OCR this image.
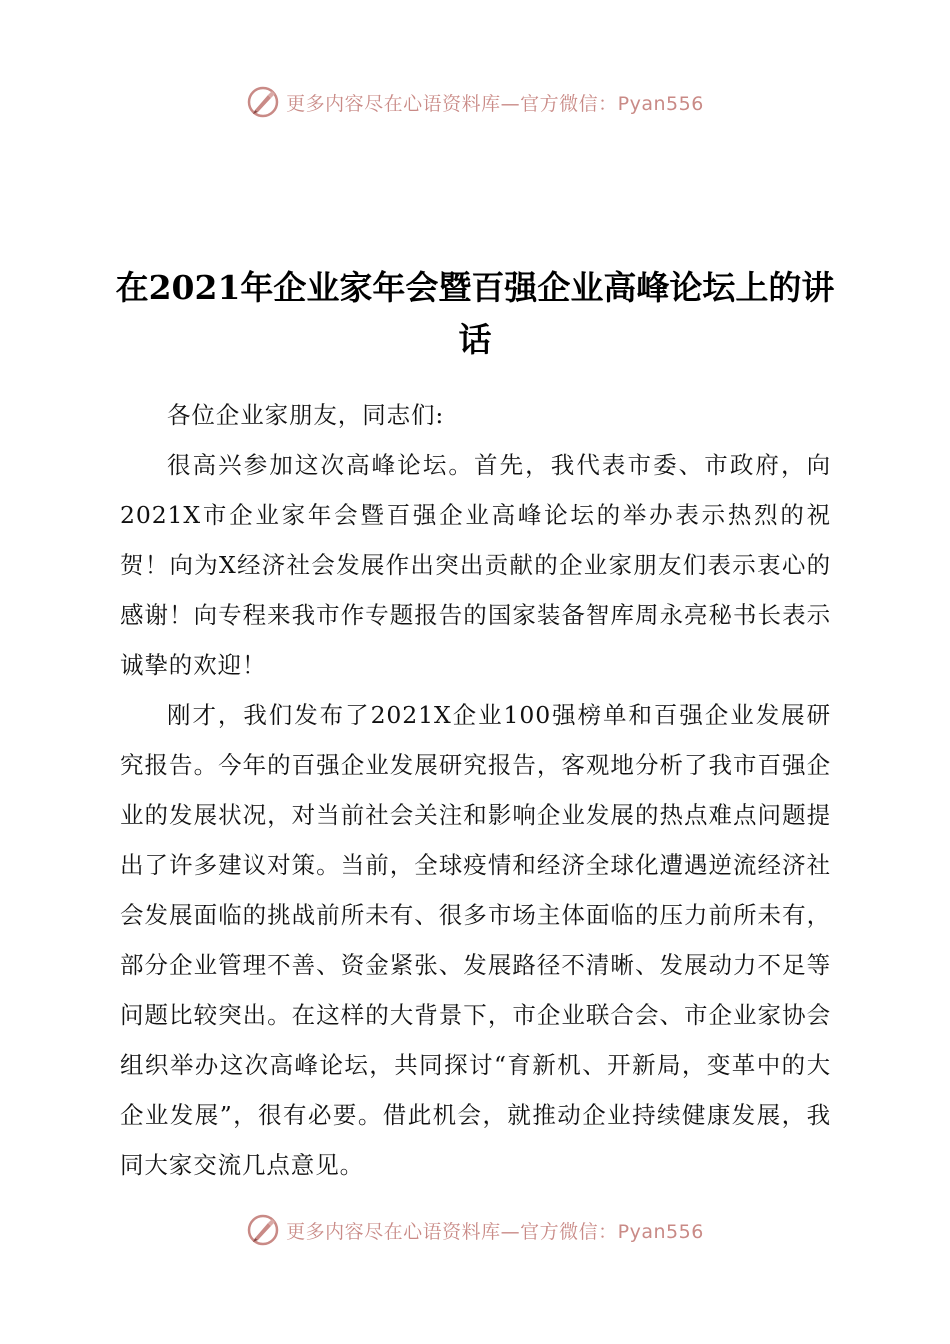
更多内容尽在心语资料库—官方微信：Pyan556
在2021年企业家年会暨百强企业高峰论坛上的讲话

各位企业家朋友，同志们:

很高兴参加这次高峰论坛。首先，我代表市委、市政府，向2021X市企业家年会暨百强企业高峰论坛的举办表示热烈的祝贺！向为X经济社会发展作出突出贡献的企业家朋友们表示衷心的感谢！向专程来我市作专题报告的国家装备智库周永亮秘书长表示诚挚的欢迎！

刚才，我们发布了2021X企业100强榜单和百强企业发展研究报告。今年的百强企业发展研究报告，客观地分析了我市百强企业的发展状况，对当前社会关注和影响企业发展的热点难点问题提出了许多建议对策。当前，全球疫情和经济全球化遭遇逆流经济社会发展面临的挑战前所未有、很多市场主体面临的压力前所未有，部分企业管理不善、资金紧张、发展路径不清晰、发展动力不足等问题比较突出。在这样的大背景下，市企业联合会、市企业家协会组织举办这次高峰论坛，共同探讨“育新机、开新局，变革中的大企业发展”，很有必要。借此机会，就推动企业持续健康发展，我同大家交流几点意见。

更多内容尽在心语资料库—官方微信：Pyan556
